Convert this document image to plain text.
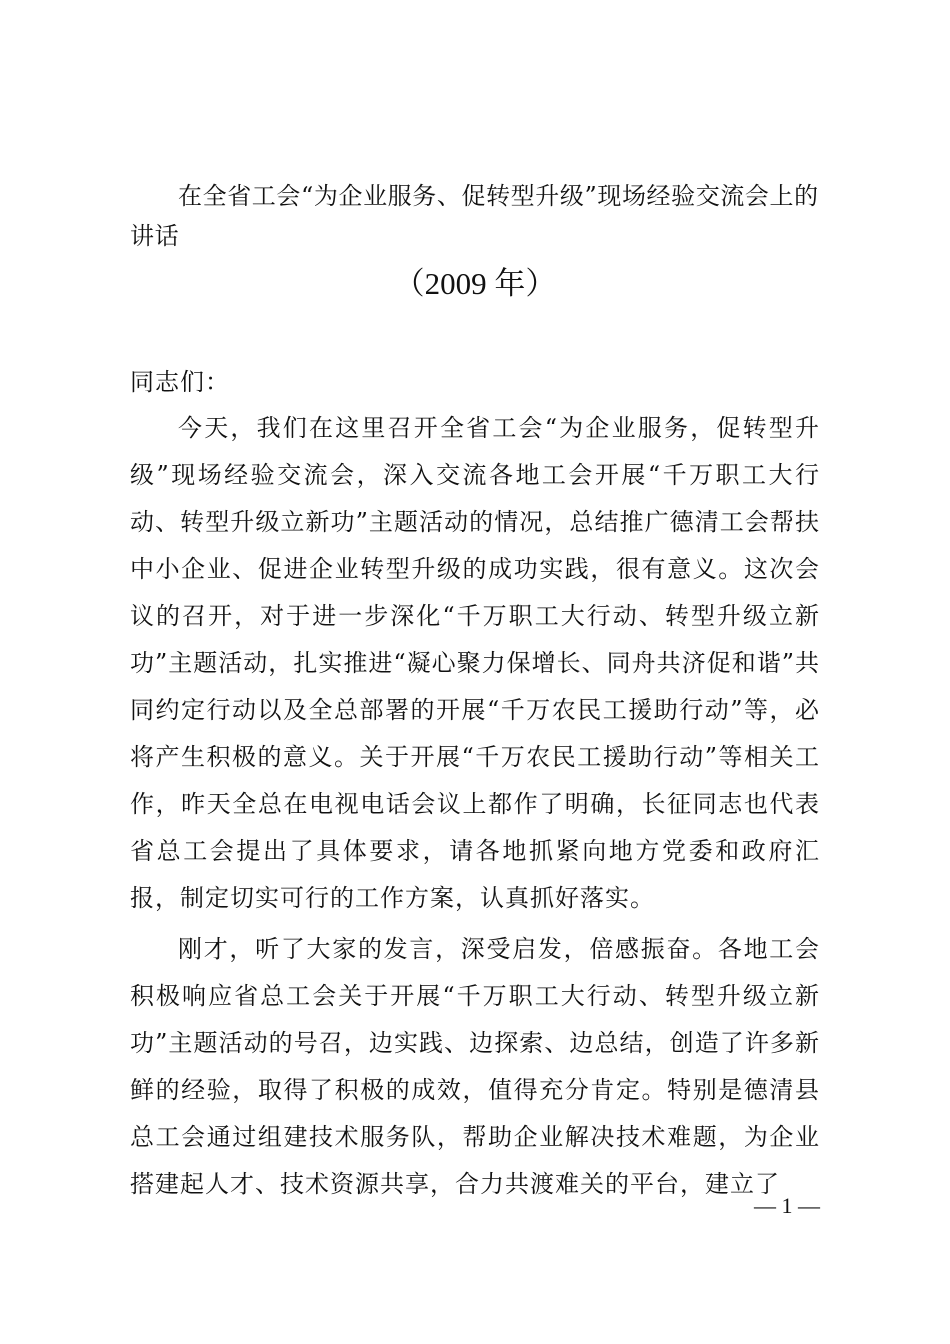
在全省工会“为企业服务、促转型升级”现场经验交流会上的讲话

（2009 年）

同志们：

今天，我们在这里召开全省工会“为企业服务，促转型升级”现场经验交流会，深入交流各地工会开展“千万职工大行动、转型升级立新功”主题活动的情况，总结推广德清工会帮扶中小企业、促进企业转型升级的成功实践，很有意义。这次会议的召开，对于进一步深化“千万职工大行动、转型升级立新功”主题活动，扎实推进“凝心聚力保增长、同舟共济促和谐”共同约定行动以及全总部署的开展“千万农民工援助行动”等，必将产生积极的意义。关于开展“千万农民工援助行动”等相关工作，昨天全总在电视电话会议上都作了明确，长征同志也代表省总工会提出了具体要求，请各地抓紧向地方党委和政府汇报，制定切实可行的工作方案，认真抓好落实。

刚才，听了大家的发言，深受启发，倍感振奋。各地工会积极响应省总工会关于开展“千万职工大行动、转型升级立新功”主题活动的号召，边实践、边探索、边总结，创造了许多新鲜的经验，取得了积极的成效，值得充分肯定。特别是德清县总工会通过组建技术服务队，帮助企业解决技术难题，为企业搭建起人才、技术资源共享，合力共渡难关的平台，建立了

— 1 —
